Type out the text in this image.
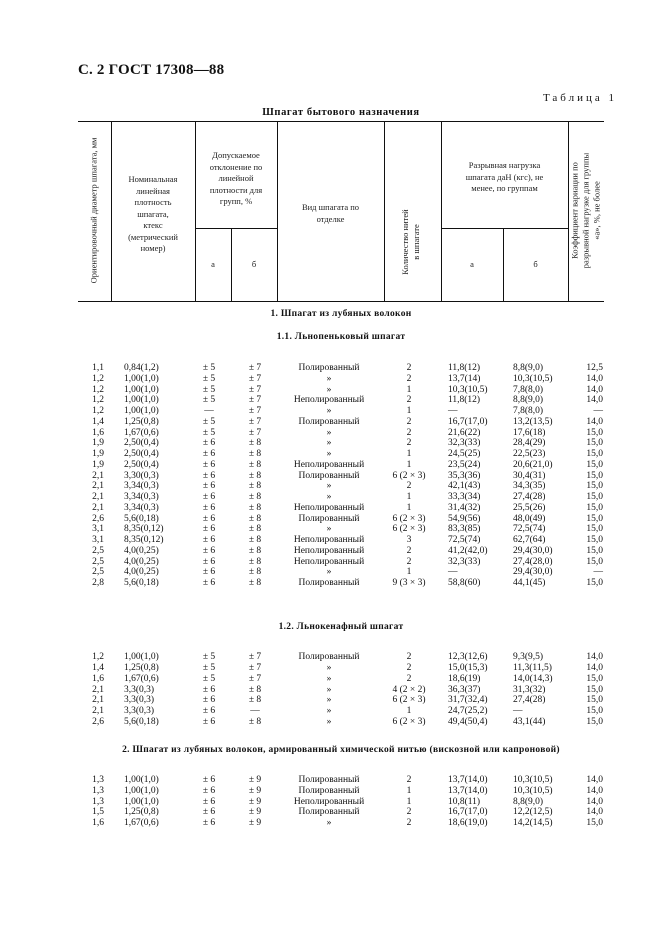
С. 2 ГОСТ 17308—88
Таблица 1
Шпагат бытового назначения
Ориентировочный диаметр шпагата, мм	Номинальная
линейная
плотность
шпагата,
ктекс
(метрический
номер)
Допускаемое
отклонение по
линейной
плотности для
групп, %
а	б
Вид шпагата по
отделке	Количество нитей в шпагате
Разрывная нагрузка
шпагата даН (кгс), не
менее, по группам
а	б
Коэффициент вариации по разрывной нагрузке для группы «а», %, не более
1. Шпагат из лубяных волокон
1.1. Льнопеньковый шпагат
1.2. Льнокенафный шпагат
2. Шпагат из лубяных волокон, армированный химической нитью (вискозной или капроновой)
1,1 0,84(1,2)	± 5	± 7	Полированный	2	11,8(12)	8,8(9,0)	12,5
1,2 1,00(1,0)	± 5	± 7	»	2	13,7(14)	10,3(10,5)	14,0
1,2 1,00(1,0)	± 5	± 7	»	1	10,3(10,5)	7,8(8,0)	14,0
1,2 1,00(1,0)	± 5	± 7	Неполированный	2	11,8(12)	8,8(9,0)	14,0
1,2 1,00(1,0)	—	± 7	»	1	—	7,8(8,0)	—
1,4 1,25(0,8)	± 5	± 7	Полированный	2	16,7(17,0)	13,2(13,5)	14,0
1,6 1,67(0,6)	± 5	± 7	»	2	21,6(22)	17,6(18)	15,0
1,9 2,50(0,4)	± 6	± 8	»	2	32,3(33)	28,4(29)	15,0
1,9 2,50(0,4)	± 6	± 8	»	1	24,5(25)	22,5(23)	15,0
1,9 2,50(0,4)	± 6	± 8	Неполированный	1	23,5(24)	20,6(21,0)	15,0
2,1 3,30(0,3)	± 6	± 8	Полированный	6 (2 × 3)	35,3(36)	30,4(31)	15,0
2,1 3,34(0,3)	± 6	± 8	»	2	42,1(43)	34,3(35)	15,0
2,1 3,34(0,3)	± 6	± 8	»	1	33,3(34)	27,4(28)	15,0
2,1 3,34(0,3)	± 6	± 8	Неполированный	1	31,4(32)	25,5(26)	15,0
2,6 5,6(0,18)	± 6	± 8	Полированный	6 (2 × 3)	54,9(56)	48,0(49)	15,0
3,1 8,35(0,12)	± 6	± 8	»	6 (2 × 3)	83,3(85)	72,5(74)	15,0
3,1 8,35(0,12)	± 6	± 8	Неполированный	3	72,5(74)	62,7(64)	15,0
2,5 4,0(0,25)	± 6	± 8	Неполированный	2	41,2(42,0)	29,4(30,0)	15,0
2,5 4,0(0,25)	± 6	± 8	Неполированный	2	32,3(33)	27,4(28,0)	15,0
2,5 4,0(0,25)	± 6	± 8	»	1	—	29,4(30,0)	—
2,8 5,6(0,18)	± 6	± 8	Полированный	9 (3 × 3)	58,8(60)	44,1(45)	15,0
1,2 1,00(1,0)	± 5	± 7	Полированный	2	12,3(12,6)	9,3(9,5)	14,0
1,4 1,25(0,8)	± 5	± 7	»	2	15,0(15,3)	11,3(11,5)	14,0
1,6 1,67(0,6)	± 5	± 7	»	2	18,6(19)	14,0(14,3)	15,0
2,1 3,3(0,3)	± 6	± 8	»	4 (2 × 2)	36,3(37)	31,3(32)	15,0
2,1 3,3(0,3)	± 6	± 8	»	6 (2 × 3)	31,7(32,4)	27,4(28)	15,0
2,1 3,3(0,3)	± 6	—	»	1	24,7(25,2)	—	15,0
2,6 5,6(0,18)	± 6	± 8	»	6 (2 × 3)	49,4(50,4)	43,1(44)	15,0
1,3 1,00(1,0)	± 6	± 9	Полированный	2	13,7(14,0)	10,3(10,5)	14,0
1,3 1,00(1,0)	± 6	± 9	Полированный	1	13,7(14,0)	10,3(10,5)	14,0
1,3 1,00(1,0)	± 6	± 9	Неполированный	1	10,8(11)	8,8(9,0)	14,0
1,5 1,25(0,8)	± 6	± 9	Полированный	2	16,7(17,0)	12,2(12,5)	14,0
1,6 1,67(0,6)	± 6	± 9	»	2	18,6(19,0)	14,2(14,5)	15,0
